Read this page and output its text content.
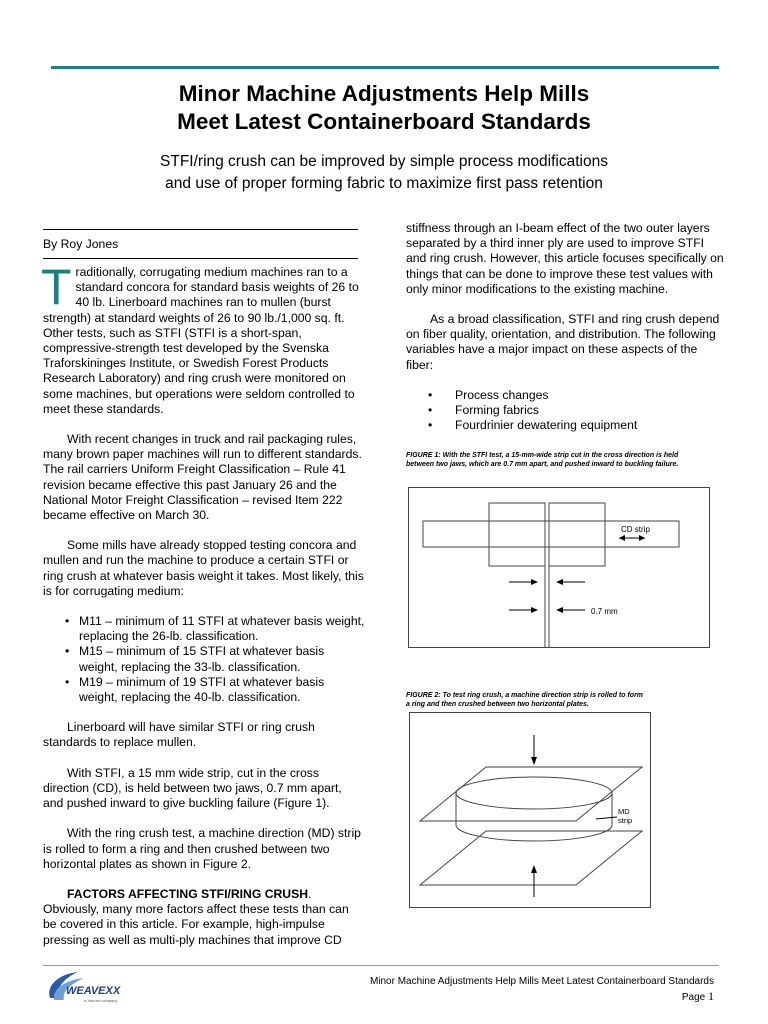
Minor Machine Adjustments Help Mills
Meet Latest Containerboard Standards
STFI/ring crush can be improved by simple process modifications
and use of proper forming fabric to maximize first pass retention
By Roy Jones

Traditionally, corrugating medium machines ran to a standard concora for standard basis weights of 26 to 40 lb. Linerboard machines ran to mullen (burst strength) at standard weights of 26 to 90 lb./1,000 sq. ft. Other tests, such as STFI (STFI is a short-span, compressive-strength test developed by the Svenska Traforskininges Institute, or Swedish Forest Products Research Laboratory) and ring crush were monitored on some machines, but operations were seldom controlled to meet these standards.

With recent changes in truck and rail packaging rules, many brown paper machines will run to different standards. The rail carriers Uniform Freight Classification – Rule 41 revision became effective this past January 26 and the National Motor Freight Classification – revised Item 222 became effective on March 30.

Some mills have already stopped testing concora and mullen and run the machine to produce a certain STFI or ring crush at whatever basis weight it takes. Most likely, this is for corrugating medium:

• M11 – minimum of 11 STFI at whatever basis weight, replacing the 26-lb. classification.
• M15 – minimum of 15 STFI at whatever basis weight, replacing the 33-lb. classification.
• M19 – minimum of 19 STFI at whatever basis weight, replacing the 40-lb. classification.

Linerboard will have similar STFI or ring crush standards to replace mullen.

With STFI, a 15 mm wide strip, cut in the cross direction (CD), is held between two jaws, 0.7 mm apart, and pushed inward to give buckling failure (Figure 1).

With the ring crush test, a machine direction (MD) strip is rolled to form a ring and then crushed between two horizontal plates as shown in Figure 2.

FACTORS AFFECTING STFI/RING CRUSH. Obviously, many more factors affect these tests than can be covered in this article. For example, high-impulse pressing as well as multi-ply machines that improve CD

stiffness through an I-beam effect of the two outer layers separated by a third inner ply are used to improve STFI and ring crush. However, this article focuses specifically on things that can be done to improve these test values with only minor modifications to the existing machine.

As a broad classification, STFI and ring crush depend on fiber quality, orientation, and distribution. The following variables have a major impact on these aspects of the fiber:

• Process changes
• Forming fabrics
• Fourdrinier dewatering equipment
FIGURE 1: With the STFI test, a 15-mm-wide strip cut in the cross direction is held between two jaws, which are 0.7 mm apart, and pushed inward to buckling failure.
CD strip
0.7 mm
FIGURE 2: To test ring crush, a machine direction strip is rolled to form a ring and then crushed between two horizontal plates.
MD
strip
WEAVEXX
a Xerium company
Minor Machine Adjustments Help Mills Meet Latest Containerboard Standards
Page 1
